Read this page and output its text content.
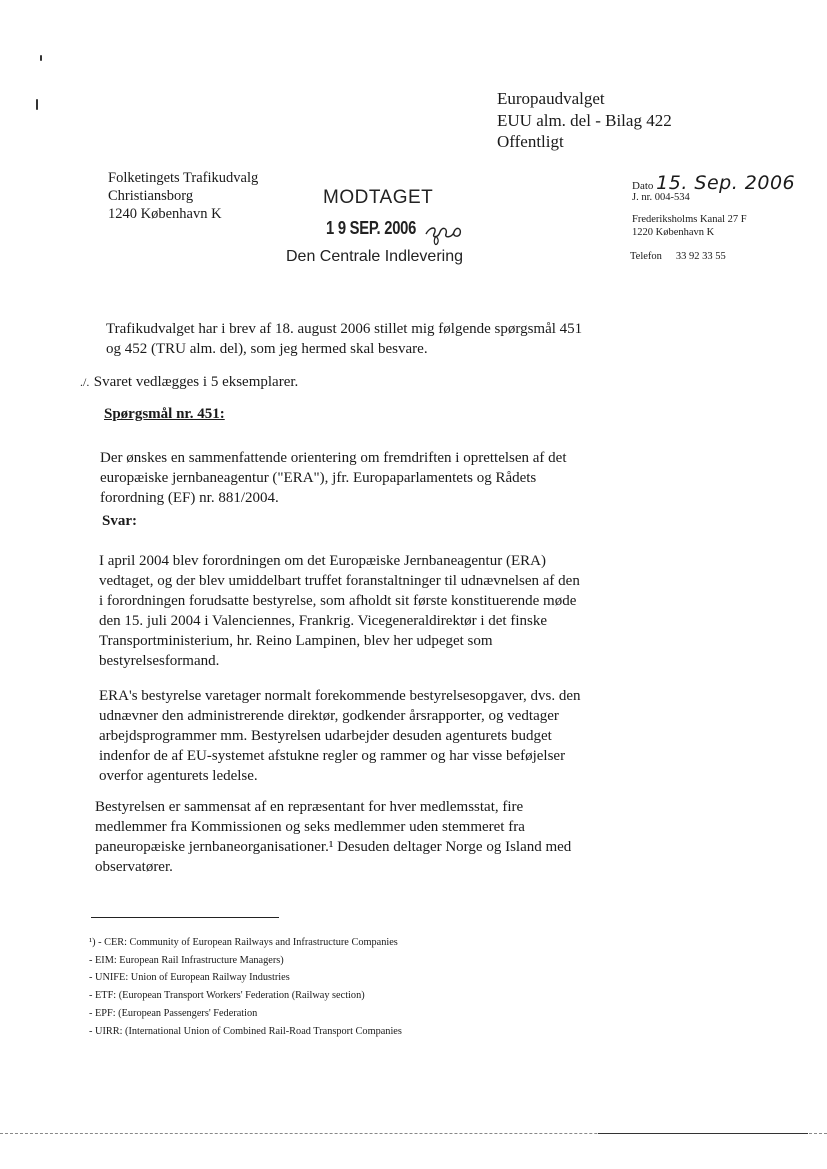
Europaudvalget
EUU alm. del - Bilag 422
Offentligt
Folketingets Trafikudvalg
Christiansborg
1240 København K
MODTAGET
1 9 SEP. 2006
Den Centrale Indlevering
Dato 15. Sep. 2006
J. nr. 004-534
Frederiksholms Kanal 27 F
1220 København K
Telefon 33 92 33 55
Trafikudvalget har i brev af 18. august 2006 stillet mig følgende spørgsmål 451 og 452 (TRU alm. del), som jeg hermed skal besvare.
./. Svaret vedlægges i 5 eksemplarer.
Spørgsmål nr. 451:
Der ønskes en sammenfattende orientering om fremdriften i oprettelsen af det europæiske jernbaneagentur ("ERA"), jfr. Europaparlamentets og Rådets forordning (EF) nr. 881/2004.
Svar:
I april 2004 blev forordningen om det Europæiske Jernbaneagentur (ERA) vedtaget, og der blev umiddelbart truffet foranstaltninger til udnævnelsen af den i forordningen forudsatte bestyrelse, som afholdt sit første konstituerende møde den 15. juli 2004 i Valenciennes, Frankrig. Vicegeneraldirektør i det finske Transportministerium, hr. Reino Lampinen, blev her udpeget som bestyrelsesformand.
ERA's bestyrelse varetager normalt forekommende bestyrelsesopgaver, dvs. den udnævner den administrerende direktør, godkender årsrapporter, og vedtager arbejdsprogrammer mm. Bestyrelsen udarbejder desuden agenturets budget indenfor de af EU-systemet afstukne regler og rammer og har visse beføjelser overfor agenturets ledelse.
Bestyrelsen er sammensat af en repræsentant for hver medlemsstat, fire medlemmer fra Kommissionen og seks medlemmer uden stemmeret fra paneuropæiske jernbaneorganisationer.¹ Desuden deltager Norge og Island med observatører.
¹) - CER: Community of European Railways and Infrastructure Companies
- EIM: European Rail Infrastructure Managers)
- UNIFE: Union of European Railway Industries
- ETF: (European Transport Workers' Federation (Railway section)
- EPF: (European Passengers' Federation
- UIRR: (International Union of Combined Rail-Road Transport Companies
